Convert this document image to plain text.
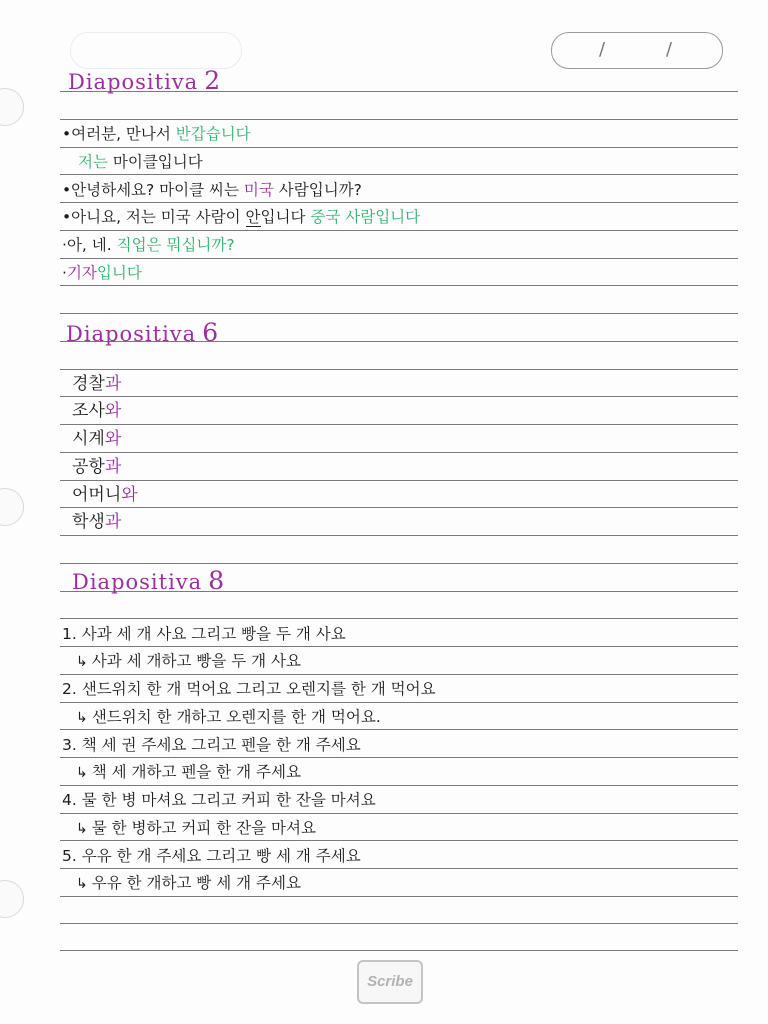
/	/
Diapositiva 2
•여러분, 만나서 반갑습니다
저는 마이클입니다
•안녕하세요? 마이클 씨는 미국 사람입니까?
•아니요, 저는 미국 사람이 안입니다 중국 사람입니다
·아, 네. 직업은 뭐십니까?
·기자입니다
Diapositiva 6
경찰과
조사와
시계와
공항과
어머니와
학생과
Diapositiva 8
1. 사과 세 개 사요 그리고 빵을 두 개 사요
↳ 사과 세 개하고 빵을 두 개 사요
2. 샌드위치 한 개 먹어요 그리고 오렌지를 한 개 먹어요
↳ 샌드위치 한 개하고 오렌지를 한 개 먹어요.
3. 책 세 권 주세요 그리고 펜을 한 개 주세요
↳ 책 세 개하고 펜을 한 개 주세요
4. 물 한 병 마셔요 그리고 커피 한 잔을 마셔요
↳ 물 한 병하고 커피 한 잔을 마셔요
5. 우유 한 개 주세요 그리고 빵 세 개 주세요
↳ 우유 한 개하고 빵 세 개 주세요
Scribe
